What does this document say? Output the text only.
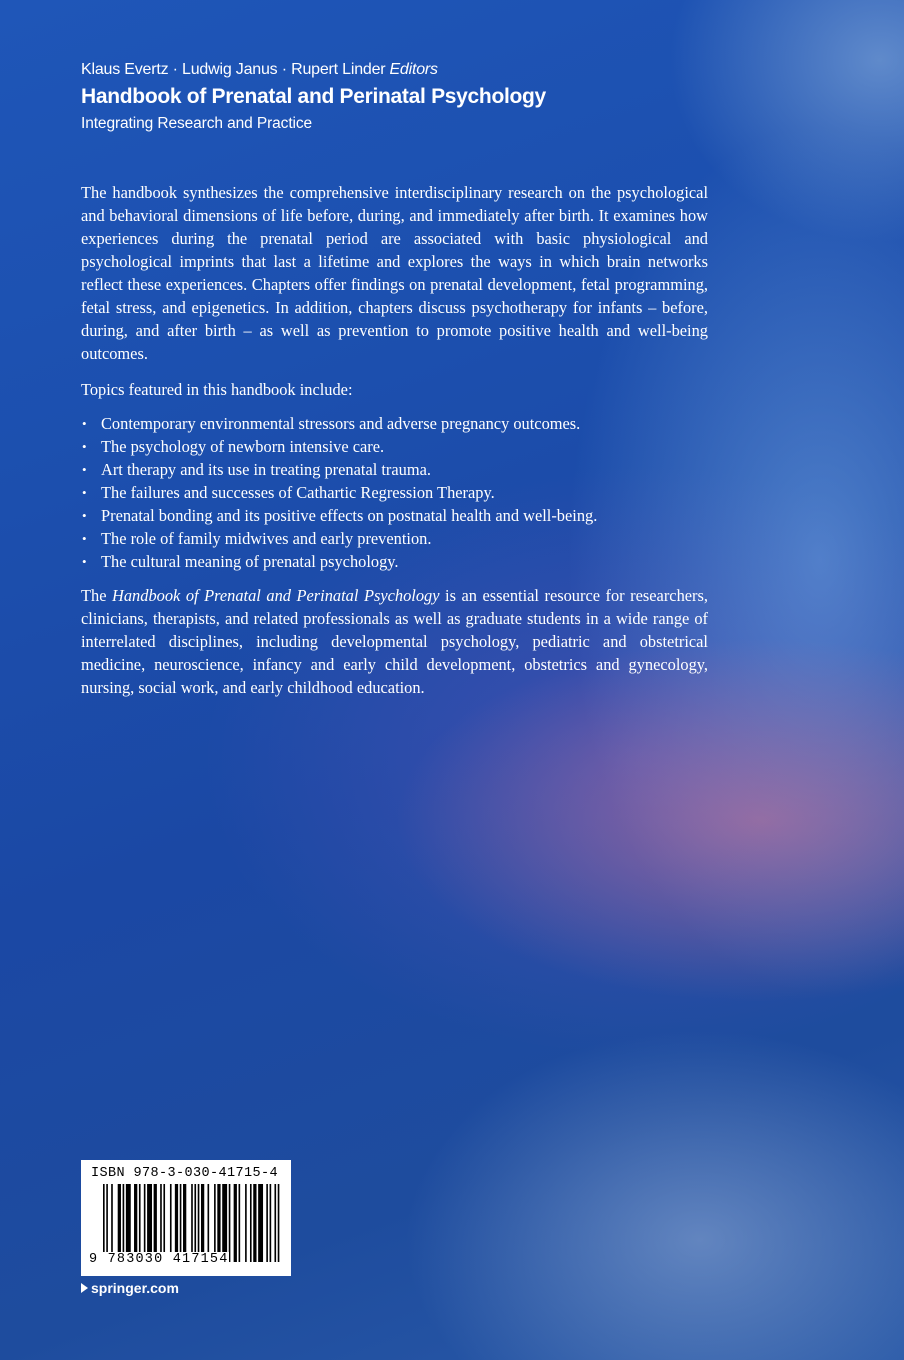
Klaus Evertz · Ludwig Janus · Rupert Linder Editors
Handbook of Prenatal and Perinatal Psychology
Integrating Research and Practice

The handbook synthesizes the comprehensive interdisciplinary research on the psychological and behavioral dimensions of life before, during, and immediately after birth. It examines how experiences during the prenatal period are associated with basic physiological and psychological imprints that last a lifetime and explores the ways in which brain networks reflect these experiences. Chapters offer findings on prenatal development, fetal programming, fetal stress, and epigenetics. In addition, chapters discuss psychotherapy for infants – before, during, and after birth – as well as prevention to promote positive health and well-being outcomes.

Topics featured in this handbook include:

• Contemporary environmental stressors and adverse pregnancy outcomes.
• The psychology of newborn intensive care.
• Art therapy and its use in treating prenatal trauma.
• The failures and successes of Cathartic Regression Therapy.
• Prenatal bonding and its positive effects on postnatal health and well-being.
• The role of family midwives and early prevention.
• The cultural meaning of prenatal psychology.

The Handbook of Prenatal and Perinatal Psychology is an essential resource for researchers, clinicians, therapists, and related professionals as well as graduate students in a wide range of interrelated disciplines, including developmental psychology, pediatric and obstetrical medicine, neuroscience, infancy and early child development, obstetrics and gynecology, nursing, social work, and early childhood education.

ISBN 978-3-030-41715-4
9 783030 417154
springer.com
